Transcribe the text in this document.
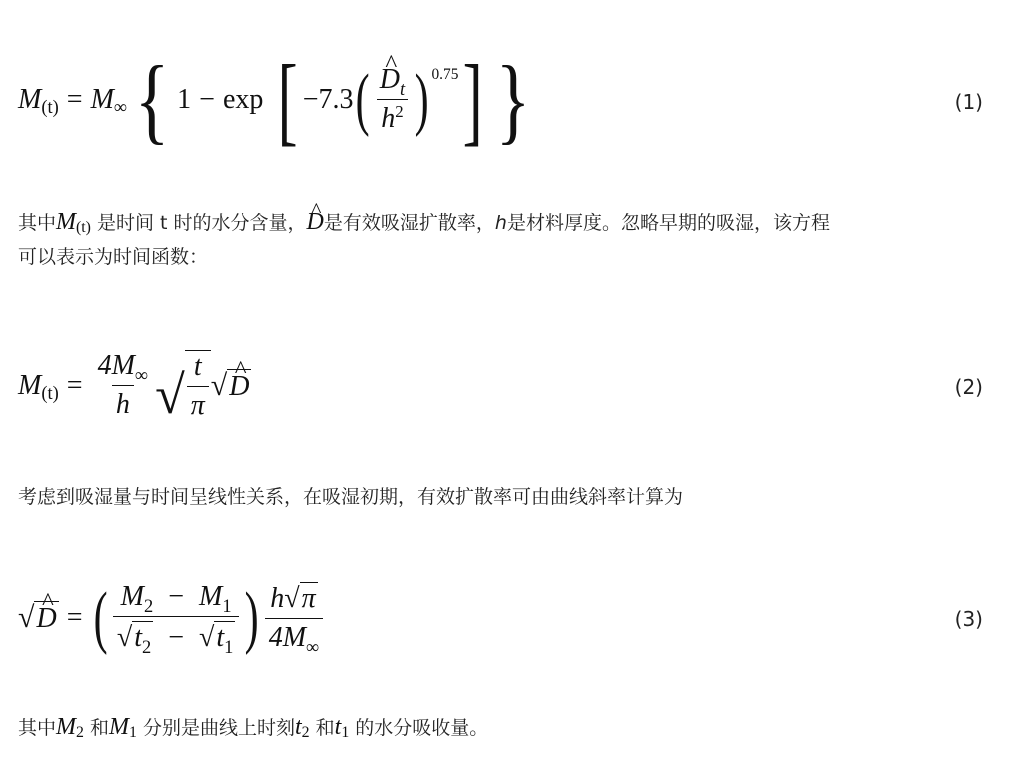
M (t) = M ∞ { 1 − exp [ −7.3 ( ^ $\frac{D_t}{h^2}$ ) 0.75 ] }	(1)
其中 M (t) 是时间 t 时的水分含量， ^ D 是有效吸湿扩散率，h是材料厚度。忽略早期的吸湿，该方程
可以表示为时间函数：
M $(t) = \frac{4M_\infty}{h}$ √ $\frac{t}{\pi}$ √ ^ D	(2)
考虑到吸湿量与时间呈线性关系，在吸湿初期，有效扩散率可由曲线斜率计算为
√ ^ D = ( $\frac{M_2 - M_1}{√ t_2 - √ t_1}$ ) $\frac{h √ \pi}{4M_\infty}$	(3)
其中 M 2 和 M 1 分别是曲线上时刻 t 2 和 t 1 的水分吸收量。
